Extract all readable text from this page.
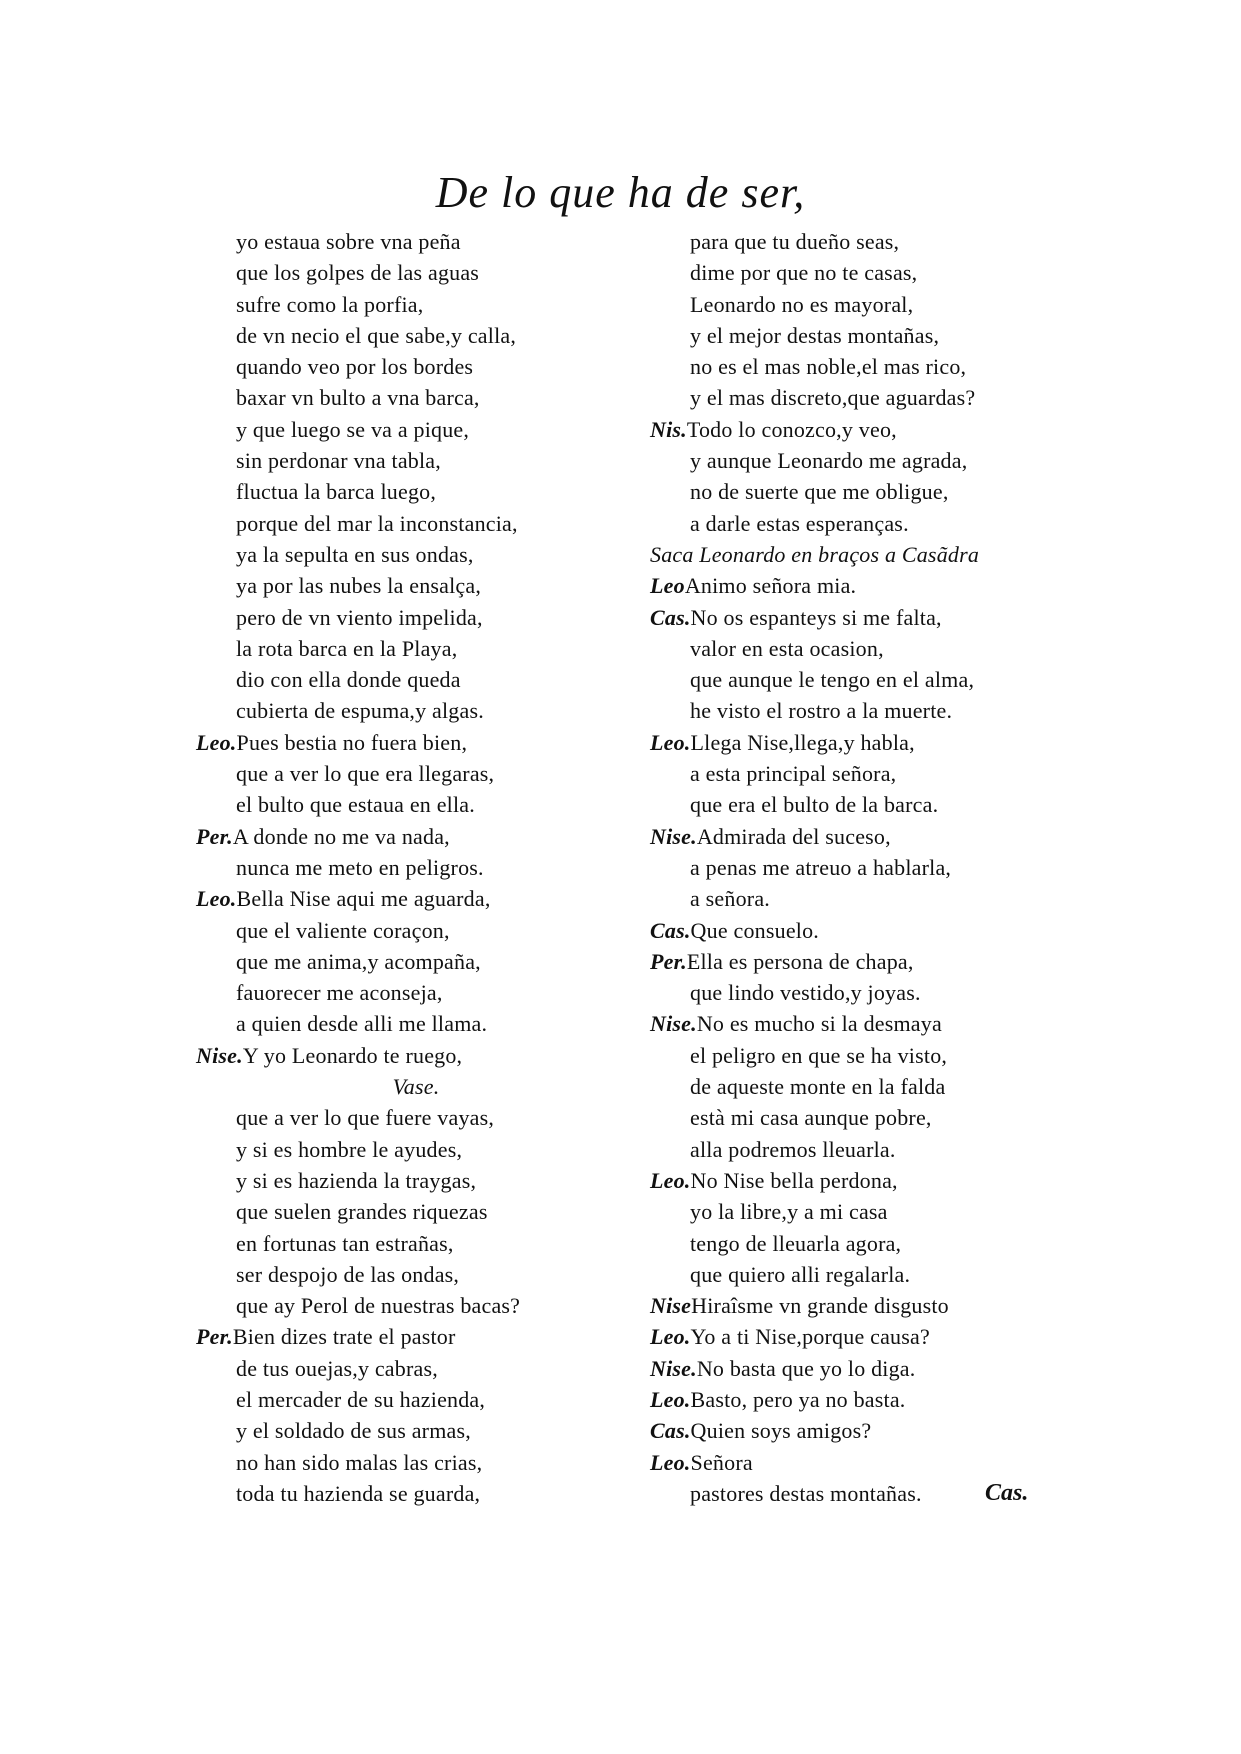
De lo que ha de ser,
yo estaua sobre vna peña
que los golpes de las aguas
sufre como la porfia,
de vn necio el que sabe,y calla,
quando veo por los bordes
baxar vn bulto a vna barca,
y que luego se va a pique,
sin perdonar vna tabla,
fluctua la barca luego,
porque del mar la inconstancia,
ya la sepulta en sus ondas,
ya por las nubes la ensalça,
pero de vn viento impelida,
la rota barca en la Playa,
dio con ella donde queda
cubierta de espuma,y algas.
Leo.Pues bestia no fuera bien,
que a ver lo que era llegaras,
el bulto que estaua en ella.
Per.A donde no me va nada,
nunca me meto en peligros.
Leo.Bella Nise aqui me aguarda,
que el valiente coraçon,
que me anima,y acompaña,
fauorecer me aconseja,
a quien desde alli me llama.
Nise.Y yo Leonardo te ruego,
Vase.
que a ver lo que fuere vayas,
y si es hombre le ayudes,
y si es hazienda la traygas,
que suelen grandes riquezas
en fortunas tan estrañas,
ser despojo de las ondas,
que ay Perol de nuestras bacas?
Per.Bien dizes trate el pastor
de tus ouejas,y cabras,
el mercader de su hazienda,
y el soldado de sus armas,
no han sido malas las crias,
toda tu hazienda se guarda,
para que tu dueño seas,
dime por que no te casas,
Leonardo no es mayoral,
y el mejor destas montañas,
no es el mas noble,el mas rico,
y el mas discreto,que aguardas?
Nis.Todo lo conozco,y veo,
y aunque Leonardo me agrada,
no de suerte que me obligue,
a darle estas esperanças.
Saca Leonardo en braços a Casãdra
LeoAnimo señora mia.
Cas.No os espanteys si me falta,
valor en esta ocasion,
que aunque le tengo en el alma,
he visto el rostro a la muerte.
Leo.Llega Nise,llega,y habla,
a esta principal señora,
que era el bulto de la barca.
Nise.Admirada del suceso,
a penas me atreuo a hablarla,
a señora.
Cas.Que consuelo.
Per.Ella es persona de chapa,
que lindo vestido,y joyas.
Nise.No es mucho si la desmaya
el peligro en que se ha visto,
de aqueste monte en la falda
està mi casa aunque pobre,
alla podremos lleuarla.
Leo.No Nise bella perdona,
yo la libre,y a mi casa
tengo de lleuarla agora,
que quiero alli regalarla.
NiseHiraîsme vn grande disgusto
Leo.Yo a ti Nise,porque causa?
Nise.No basta que yo lo diga.
Leo.Basto, pero ya no basta.
Cas.Quien soys amigos?
Leo.Señora
pastores destas montañas.	Cas.
